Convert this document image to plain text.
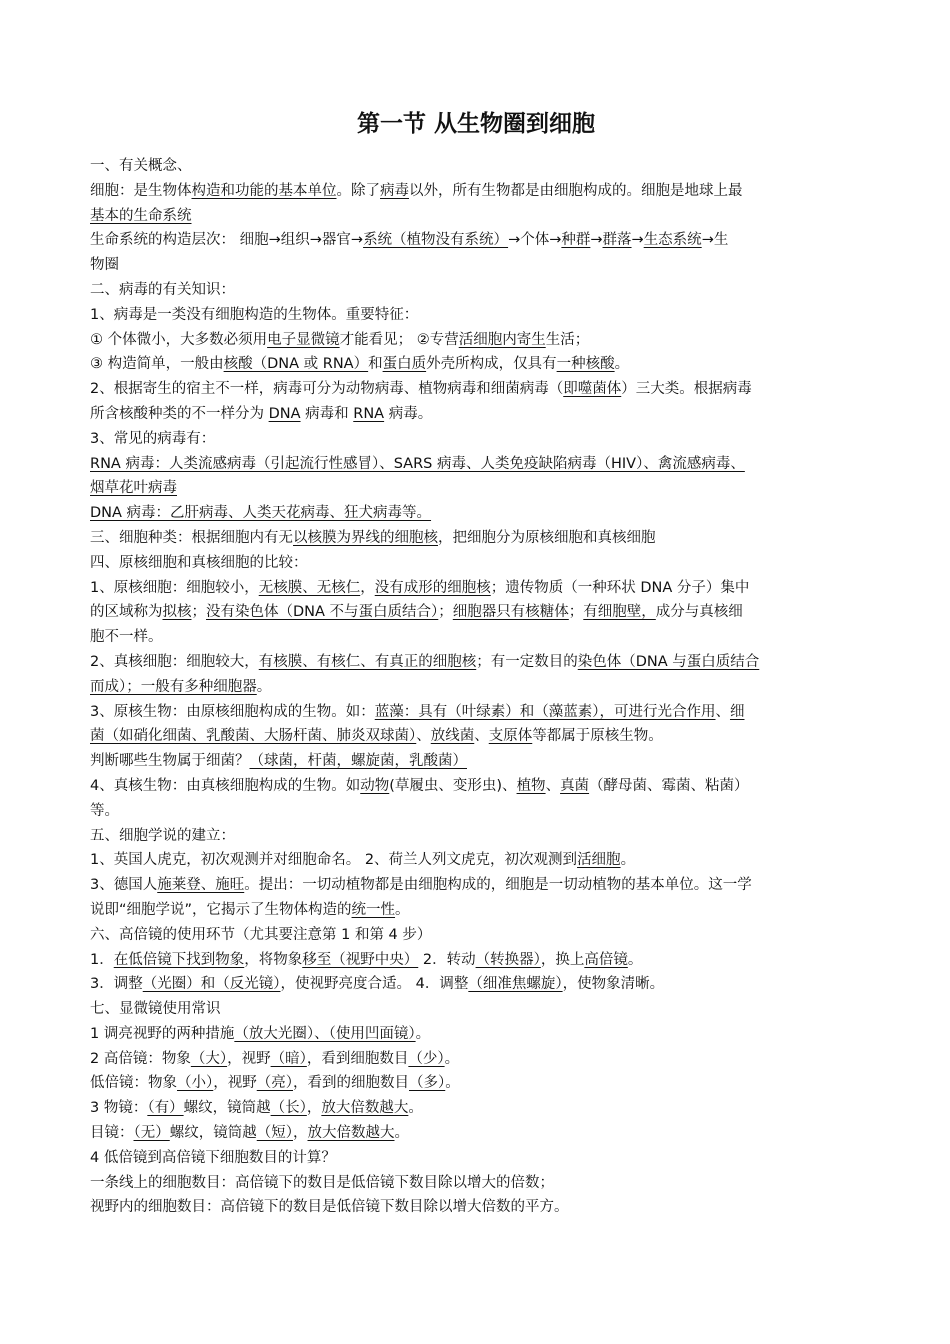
第一节 从生物圈到细胞
一、有关概念、
细胞：是生物体构造和功能的基本单位。除了病毒以外，所有生物都是由细胞构成的。细胞是地球上最
基本的生命系统
生命系统的构造层次： 细胞→组织→器官→系统（植物没有系统）→个体→种群→群落→生态系统→生
物圈
二、病毒的有关知识：
1、病毒是一类没有细胞构造的生物体。重要特征：
① 个体微小，大多数必须用电子显微镜才能看见； ②专营活细胞内寄生生活；
③ 构造简单，一般由核酸（DNA 或 RNA）和蛋白质外壳所构成，仅具有一种核酸。
2、根据寄生的宿主不一样，病毒可分为动物病毒、植物病毒和细菌病毒（即噬菌体）三大类。根据病毒
所含核酸种类的不一样分为 DNA 病毒和 RNA 病毒。
3、常见的病毒有：
RNA 病毒：人类流感病毒（引起流行性感冒）、SARS 病毒、人类免疫缺陷病毒（HIV）、禽流感病毒、
烟草花叶病毒
DNA 病毒：乙肝病毒、人类天花病毒、狂犬病毒等。
三、细胞种类：根据细胞内有无以核膜为界线的细胞核，把细胞分为原核细胞和真核细胞
四、原核细胞和真核细胞的比较：
1、原核细胞：细胞较小，无核膜、无核仁，没有成形的细胞核；遗传物质（一种环状 DNA 分子）集中
的区域称为拟核；没有染色体（DNA 不与蛋白质结合）；细胞器只有核糖体；有细胞壁，成分与真核细
胞不一样。
2、真核细胞：细胞较大，有核膜、有核仁、有真正的细胞核；有一定数目的染色体（DNA 与蛋白质结合
而成）；一般有多种细胞器。
3、原核生物：由原核细胞构成的生物。如：蓝藻：具有（叶绿素）和（藻蓝素），可进行光合作用、细
菌（如硝化细菌、乳酸菌、大肠杆菌、肺炎双球菌）、放线菌、支原体等都属于原核生物。
判断哪些生物属于细菌？（球菌，杆菌，螺旋菌，乳酸菌）
4、真核生物：由真核细胞构成的生物。如动物(草履虫、变形虫)、植物、真菌（酵母菌、霉菌、粘菌）
等。
五、细胞学说的建立：
1、英国人虎克，初次观测并对细胞命名。 2、荷兰人列文虎克，初次观测到活细胞。
3、德国人施莱登、施旺。提出：一切动植物都是由细胞构成的，细胞是一切动植物的基本单位。这一学
说即“细胞学说”，它揭示了生物体构造的统一性。
六、高倍镜的使用环节（尤其要注意第 1 和第 4 步）
1．在低倍镜下找到物象，将物象移至（视野中央） 2．转动（转换器），换上高倍镜。
3．调整（光圈）和（反光镜），使视野亮度合适。 4．调整（细准焦螺旋），使物象清晰。
七、显微镜使用常识
1 调亮视野的两种措施（放大光圈）、（使用凹面镜）。
2 高倍镜：物象（大），视野（暗），看到细胞数目（少）。
低倍镜：物象（小），视野（亮），看到的细胞数目（多）。
3 物镜：（有）螺纹，镜筒越（长），放大倍数越大。
目镜：（无）螺纹，镜筒越（短），放大倍数越大。
4 低倍镜到高倍镜下细胞数目的计算？
一条线上的细胞数目：高倍镜下的数目是低倍镜下数目除以增大的倍数；
视野内的细胞数目：高倍镜下的数目是低倍镜下数目除以增大倍数的平方。
